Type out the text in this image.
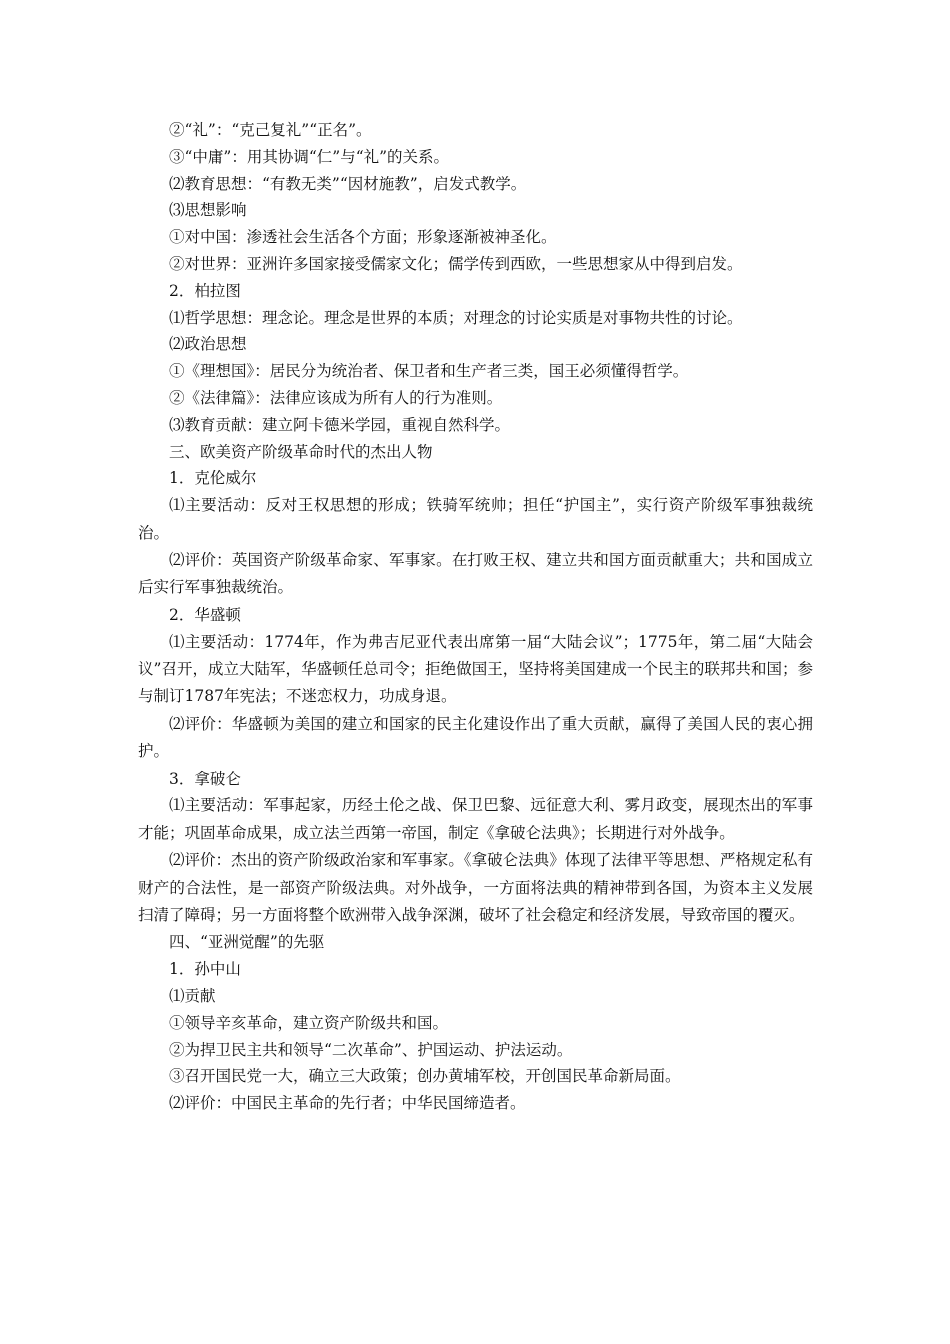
②“礼”：“克己复礼”“正名”。

③“中庸”：用其协调“仁”与“礼”的关系。

⑵教育思想：“有教无类”“因材施教”，启发式教学。

⑶思想影响

①对中国：渗透社会生活各个方面；形象逐渐被神圣化。

②对世界：亚洲许多国家接受儒家文化；儒学传到西欧，一些思想家从中得到启发。

2．柏拉图

⑴哲学思想：理念论。理念是世界的本质；对理念的讨论实质是对事物共性的讨论。

⑵政治思想

①《理想国》：居民分为统治者、保卫者和生产者三类，国王必须懂得哲学。

②《法律篇》：法律应该成为所有人的行为准则。

⑶教育贡献：建立阿卡德米学园，重视自然科学。

三、欧美资产阶级革命时代的杰出人物

1．克伦威尔

⑴主要活动：反对王权思想的形成；铁骑军统帅；担任“护国主”，实行资产阶级军事独裁统治。

⑵评价：英国资产阶级革命家、军事家。在打败王权、建立共和国方面贡献重大；共和国成立后实行军事独裁统治。

2．华盛顿

⑴主要活动：1774年，作为弗吉尼亚代表出席第一届“大陆会议”；1775年，第二届“大陆会议”召开，成立大陆军，华盛顿任总司令；拒绝做国王，坚持将美国建成一个民主的联邦共和国；参与制订1787年宪法；不迷恋权力，功成身退。

⑵评价：华盛顿为美国的建立和国家的民主化建设作出了重大贡献，赢得了美国人民的衷心拥护。

3．拿破仑

⑴主要活动：军事起家，历经土伦之战、保卫巴黎、远征意大利、雾月政变，展现杰出的军事才能；巩固革命成果，成立法兰西第一帝国，制定《拿破仑法典》；长期进行对外战争。

⑵评价：杰出的资产阶级政治家和军事家。《拿破仑法典》体现了法律平等思想、严格规定私有财产的合法性，是一部资产阶级法典。对外战争，一方面将法典的精神带到各国，为资本主义发展扫清了障碍；另一方面将整个欧洲带入战争深渊，破坏了社会稳定和经济发展，导致帝国的覆灭。

四、“亚洲觉醒”的先驱

1．孙中山

⑴贡献

①领导辛亥革命，建立资产阶级共和国。

②为捍卫民主共和领导“二次革命”、护国运动、护法运动。

③召开国民党一大，确立三大政策；创办黄埔军校，开创国民革命新局面。

⑵评价：中国民主革命的先行者；中华民国缔造者。
